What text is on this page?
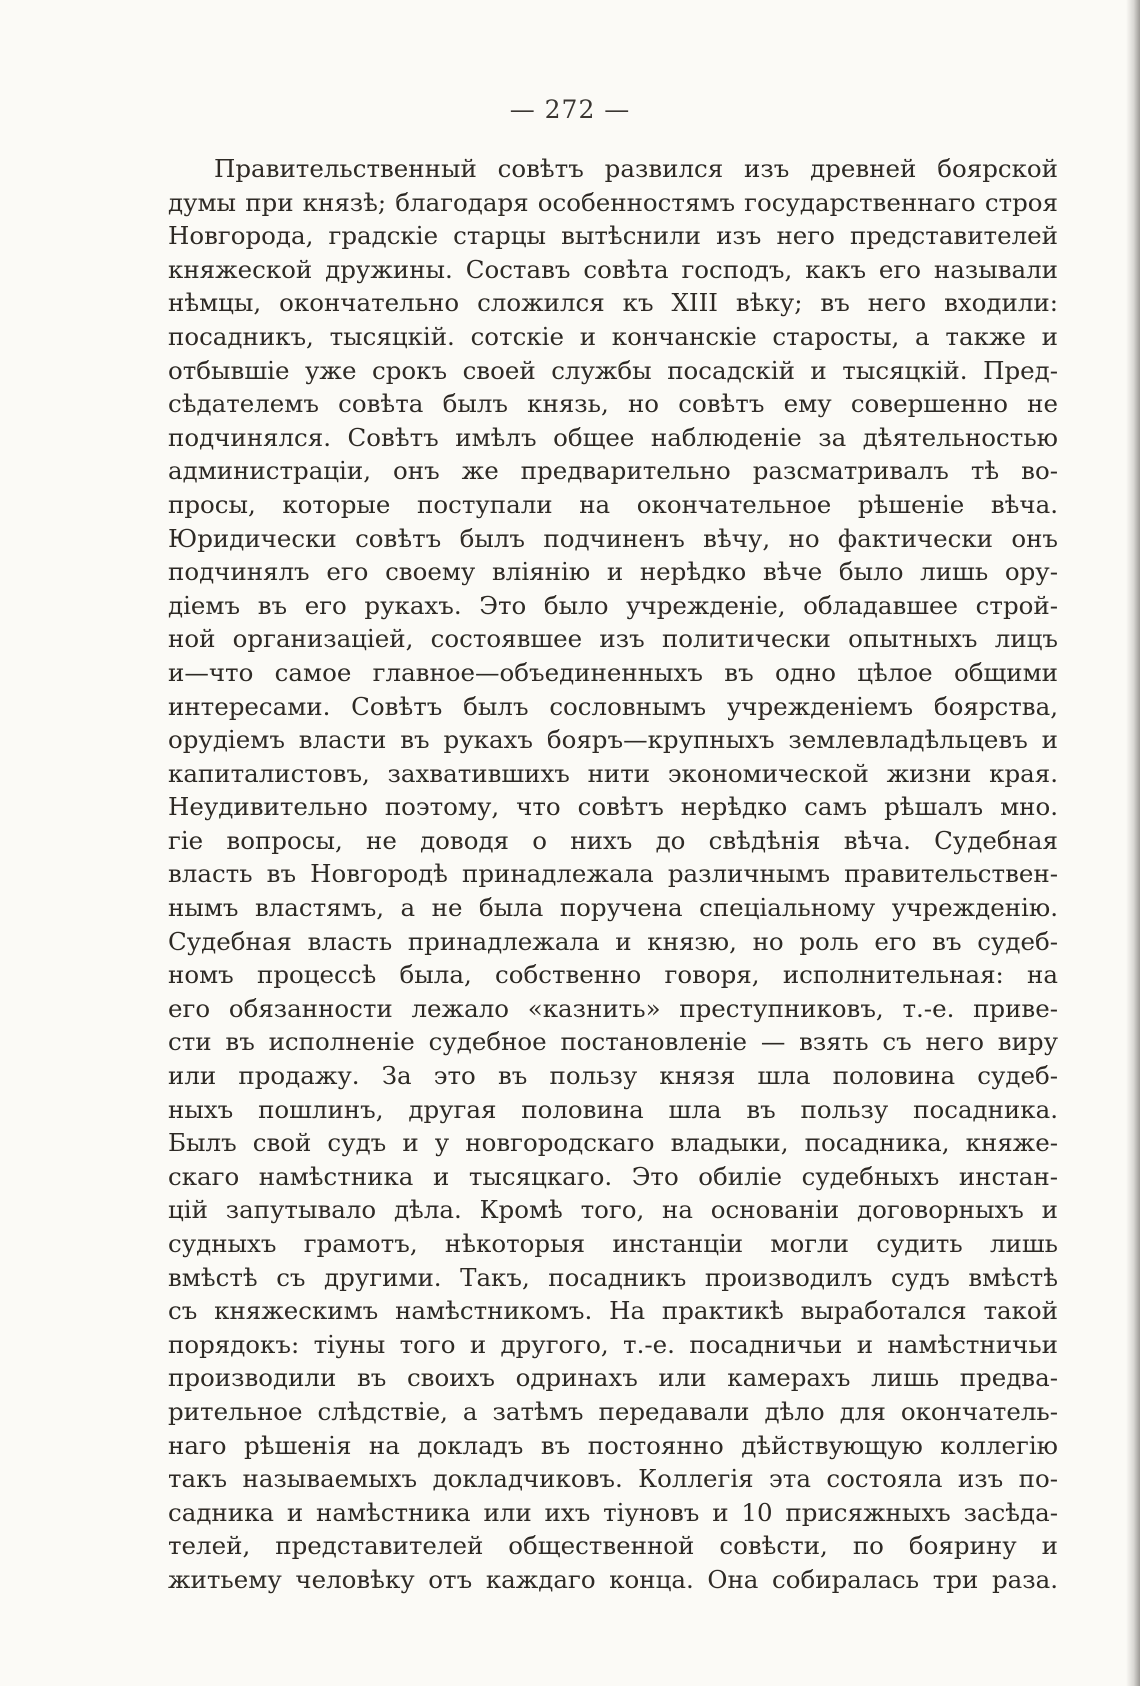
— 272 —
Правительственный совѣтъ развился изъ древней боярской
думы при князѣ; благодаря особенностямъ государственнаго строя
Новгорода, градскіе старцы вытѣснили изъ него представителей
княжеской дружины. Составъ совѣта господъ, какъ его называли
нѣмцы, окончательно сложился къ XIII вѣку; въ него входили:
посадникъ, тысяцкій. сотскіе и кончанскіе старосты, а также и
отбывшіе уже срокъ своей службы посадскій и тысяцкій. Пред-
сѣдателемъ совѣта былъ князь, но совѣтъ ему совершенно не
подчинялся. Совѣтъ имѣлъ общее наблюденіе за дѣятельностью
администраціи, онъ же предварительно разсматривалъ тѣ во-
просы, которые поступали на окончательное рѣшеніе вѣча.
Юридически совѣтъ былъ подчиненъ вѣчу, но фактически онъ
подчинялъ его своему вліянію и нерѣдко вѣче было лишь ору-
діемъ въ его рукахъ. Это было учрежденіе, обладавшее строй-
ной организаціей, состоявшее изъ политически опытныхъ лицъ
и—что самое главное—объединенныхъ въ одно цѣлое общими
интересами. Совѣтъ былъ сословнымъ учрежденіемъ боярства,
орудіемъ власти въ рукахъ бояръ—крупныхъ землевладѣльцевъ и
капиталистовъ, захватившихъ нити экономической жизни края.
Неудивительно поэтому, что совѣтъ нерѣдко самъ рѣшалъ мно.
гіе вопросы, не доводя о нихъ до свѣдѣнія вѣча. Судебная
власть въ Новгородѣ принадлежала различнымъ правительствен-
нымъ властямъ, а не была поручена спеціальному учрежденію.
Судебная власть принадлежала и князю, но роль его въ судеб-
номъ процессѣ была, собственно говоря, исполнительная: на
его обязанности лежало «казнить» преступниковъ, т.-е. приве-
сти въ исполненіе судебное постановленіе — взять съ него виру
или продажу. За это въ пользу князя шла половина судеб-
ныхъ пошлинъ, другая половина шла въ пользу посадника.
Былъ свой судъ и у новгородскаго владыки, посадника, княже-
скаго намѣстника и тысяцкаго. Это обиліе судебныхъ инстан-
цій запутывало дѣла. Кромѣ того, на основаніи договорныхъ и
судныхъ грамотъ, нѣкоторыя инстанціи могли судить лишь
вмѣстѣ съ другими. Такъ, посадникъ производилъ судъ вмѣстѣ
съ княжескимъ намѣстникомъ. На практикѣ выработался такой
порядокъ: тіуны того и другого, т.-е. посадничьи и намѣстничьи
производили въ своихъ одринахъ или камерахъ лишь предва-
рительное слѣдствіе, а затѣмъ передавали дѣло для окончатель-
наго рѣшенія на докладъ въ постоянно дѣйствующую коллегію
такъ называемыхъ докладчиковъ. Коллегія эта состояла изъ по-
садника и намѣстника или ихъ тіуновъ и 10 присяжныхъ засѣда-
телей, представителей общественной совѣсти, по боярину и
житьему человѣку отъ каждаго конца. Она собиралась три раза.
